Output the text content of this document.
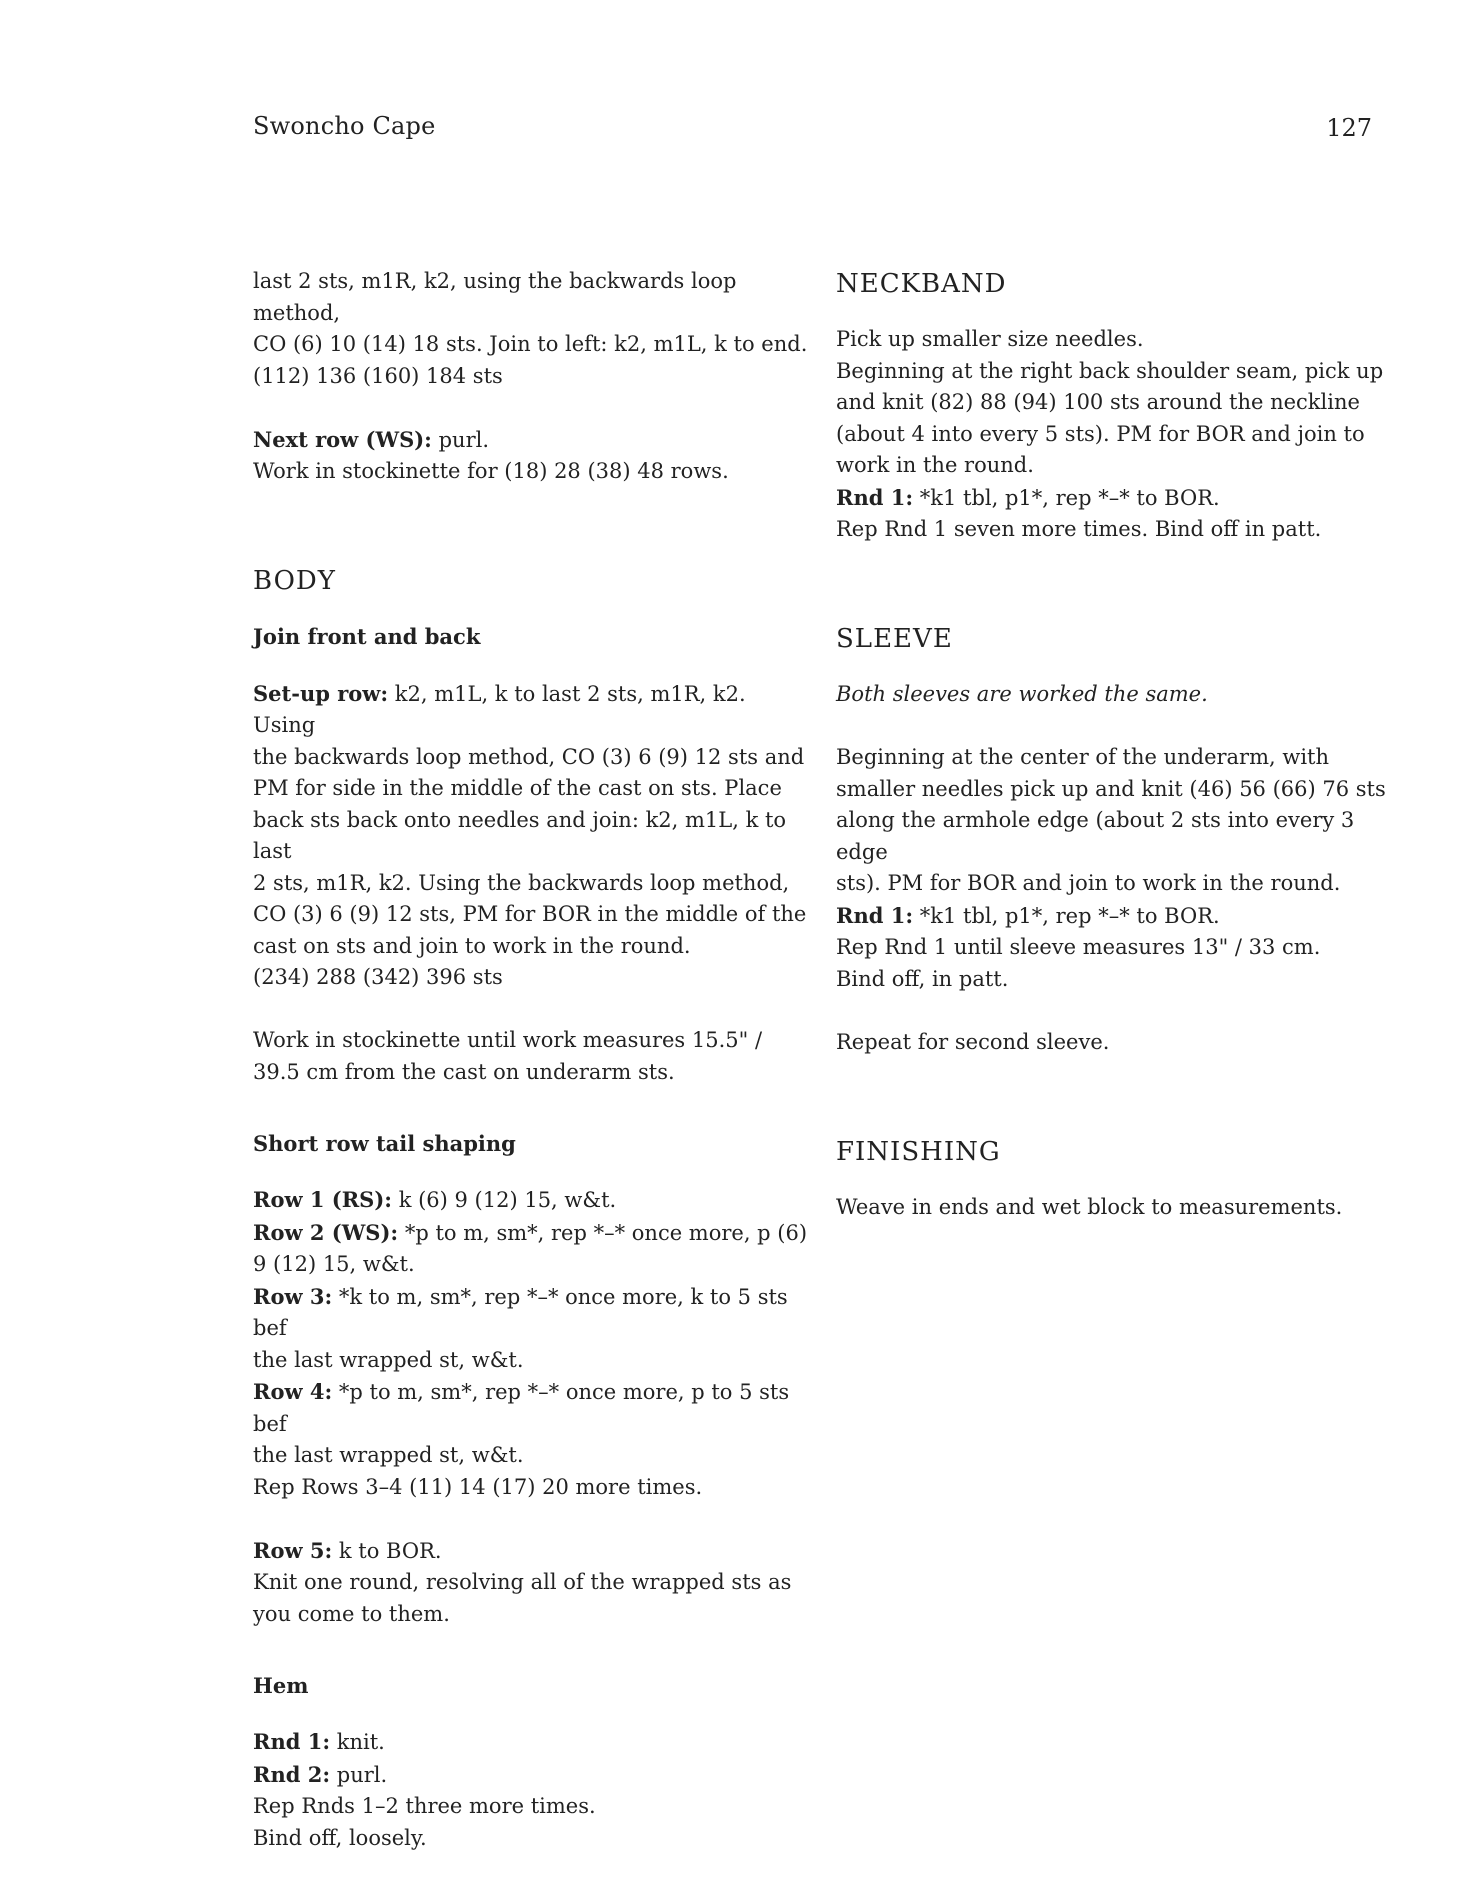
Swoncho Cape	127

last 2 sts, m1R, k2, using the backwards loop method,
CO (6) 10 (14) 18 sts. Join to left: k2, m1L, k to end.
(112) 136 (160) 184 sts

Next row (WS): purl.
Work in stockinette for (18) 28 (38) 48 rows.

BODY
Join front and back

Set-up row: k2, m1L, k to last 2 sts, m1R, k2. Using
the backwards loop method, CO (3) 6 (9) 12 sts and
PM for side in the middle of the cast on sts. Place
back sts back onto needles and join: k2, m1L, k to last
2 sts, m1R, k2. Using the backwards loop method,
CO (3) 6 (9) 12 sts, PM for BOR in the middle of the
cast on sts and join to work in the round.
(234) 288 (342) 396 sts

Work in stockinette until work measures 15.5" /
39.5 cm from the cast on underarm sts.

Short row tail shaping

Row 1 (RS): k (6) 9 (12) 15, w&t.
Row 2 (WS): *p to m, sm*, rep *–* once more, p (6)
9 (12) 15, w&t.
Row 3: *k to m, sm*, rep *–* once more, k to 5 sts bef
the last wrapped st, w&t.
Row 4: *p to m, sm*, rep *–* once more, p to 5 sts bef
the last wrapped st, w&t.
Rep Rows 3–4 (11) 14 (17) 20 more times.

Row 5: k to BOR.
Knit one round, resolving all of the wrapped sts as
you come to them.

Hem

Rnd 1: knit.
Rnd 2: purl.
Rep Rnds 1–2 three more times.
Bind off, loosely.

NECKBAND

Pick up smaller size needles.
Beginning at the right back shoulder seam, pick up
and knit (82) 88 (94) 100 sts around the neckline
(about 4 into every 5 sts). PM for BOR and join to
work in the round.
Rnd 1: *k1 tbl, p1*, rep *–* to BOR.
Rep Rnd 1 seven more times. Bind off in patt.

SLEEVE

Both sleeves are worked the same.

Beginning at the center of the underarm, with
smaller needles pick up and knit (46) 56 (66) 76 sts
along the armhole edge (about 2 sts into every 3 edge
sts). PM for BOR and join to work in the round.
Rnd 1: *k1 tbl, p1*, rep *–* to BOR.
Rep Rnd 1 until sleeve measures 13" / 33 cm.
Bind off, in patt.

Repeat for second sleeve.

FINISHING

Weave in ends and wet block to measurements.
